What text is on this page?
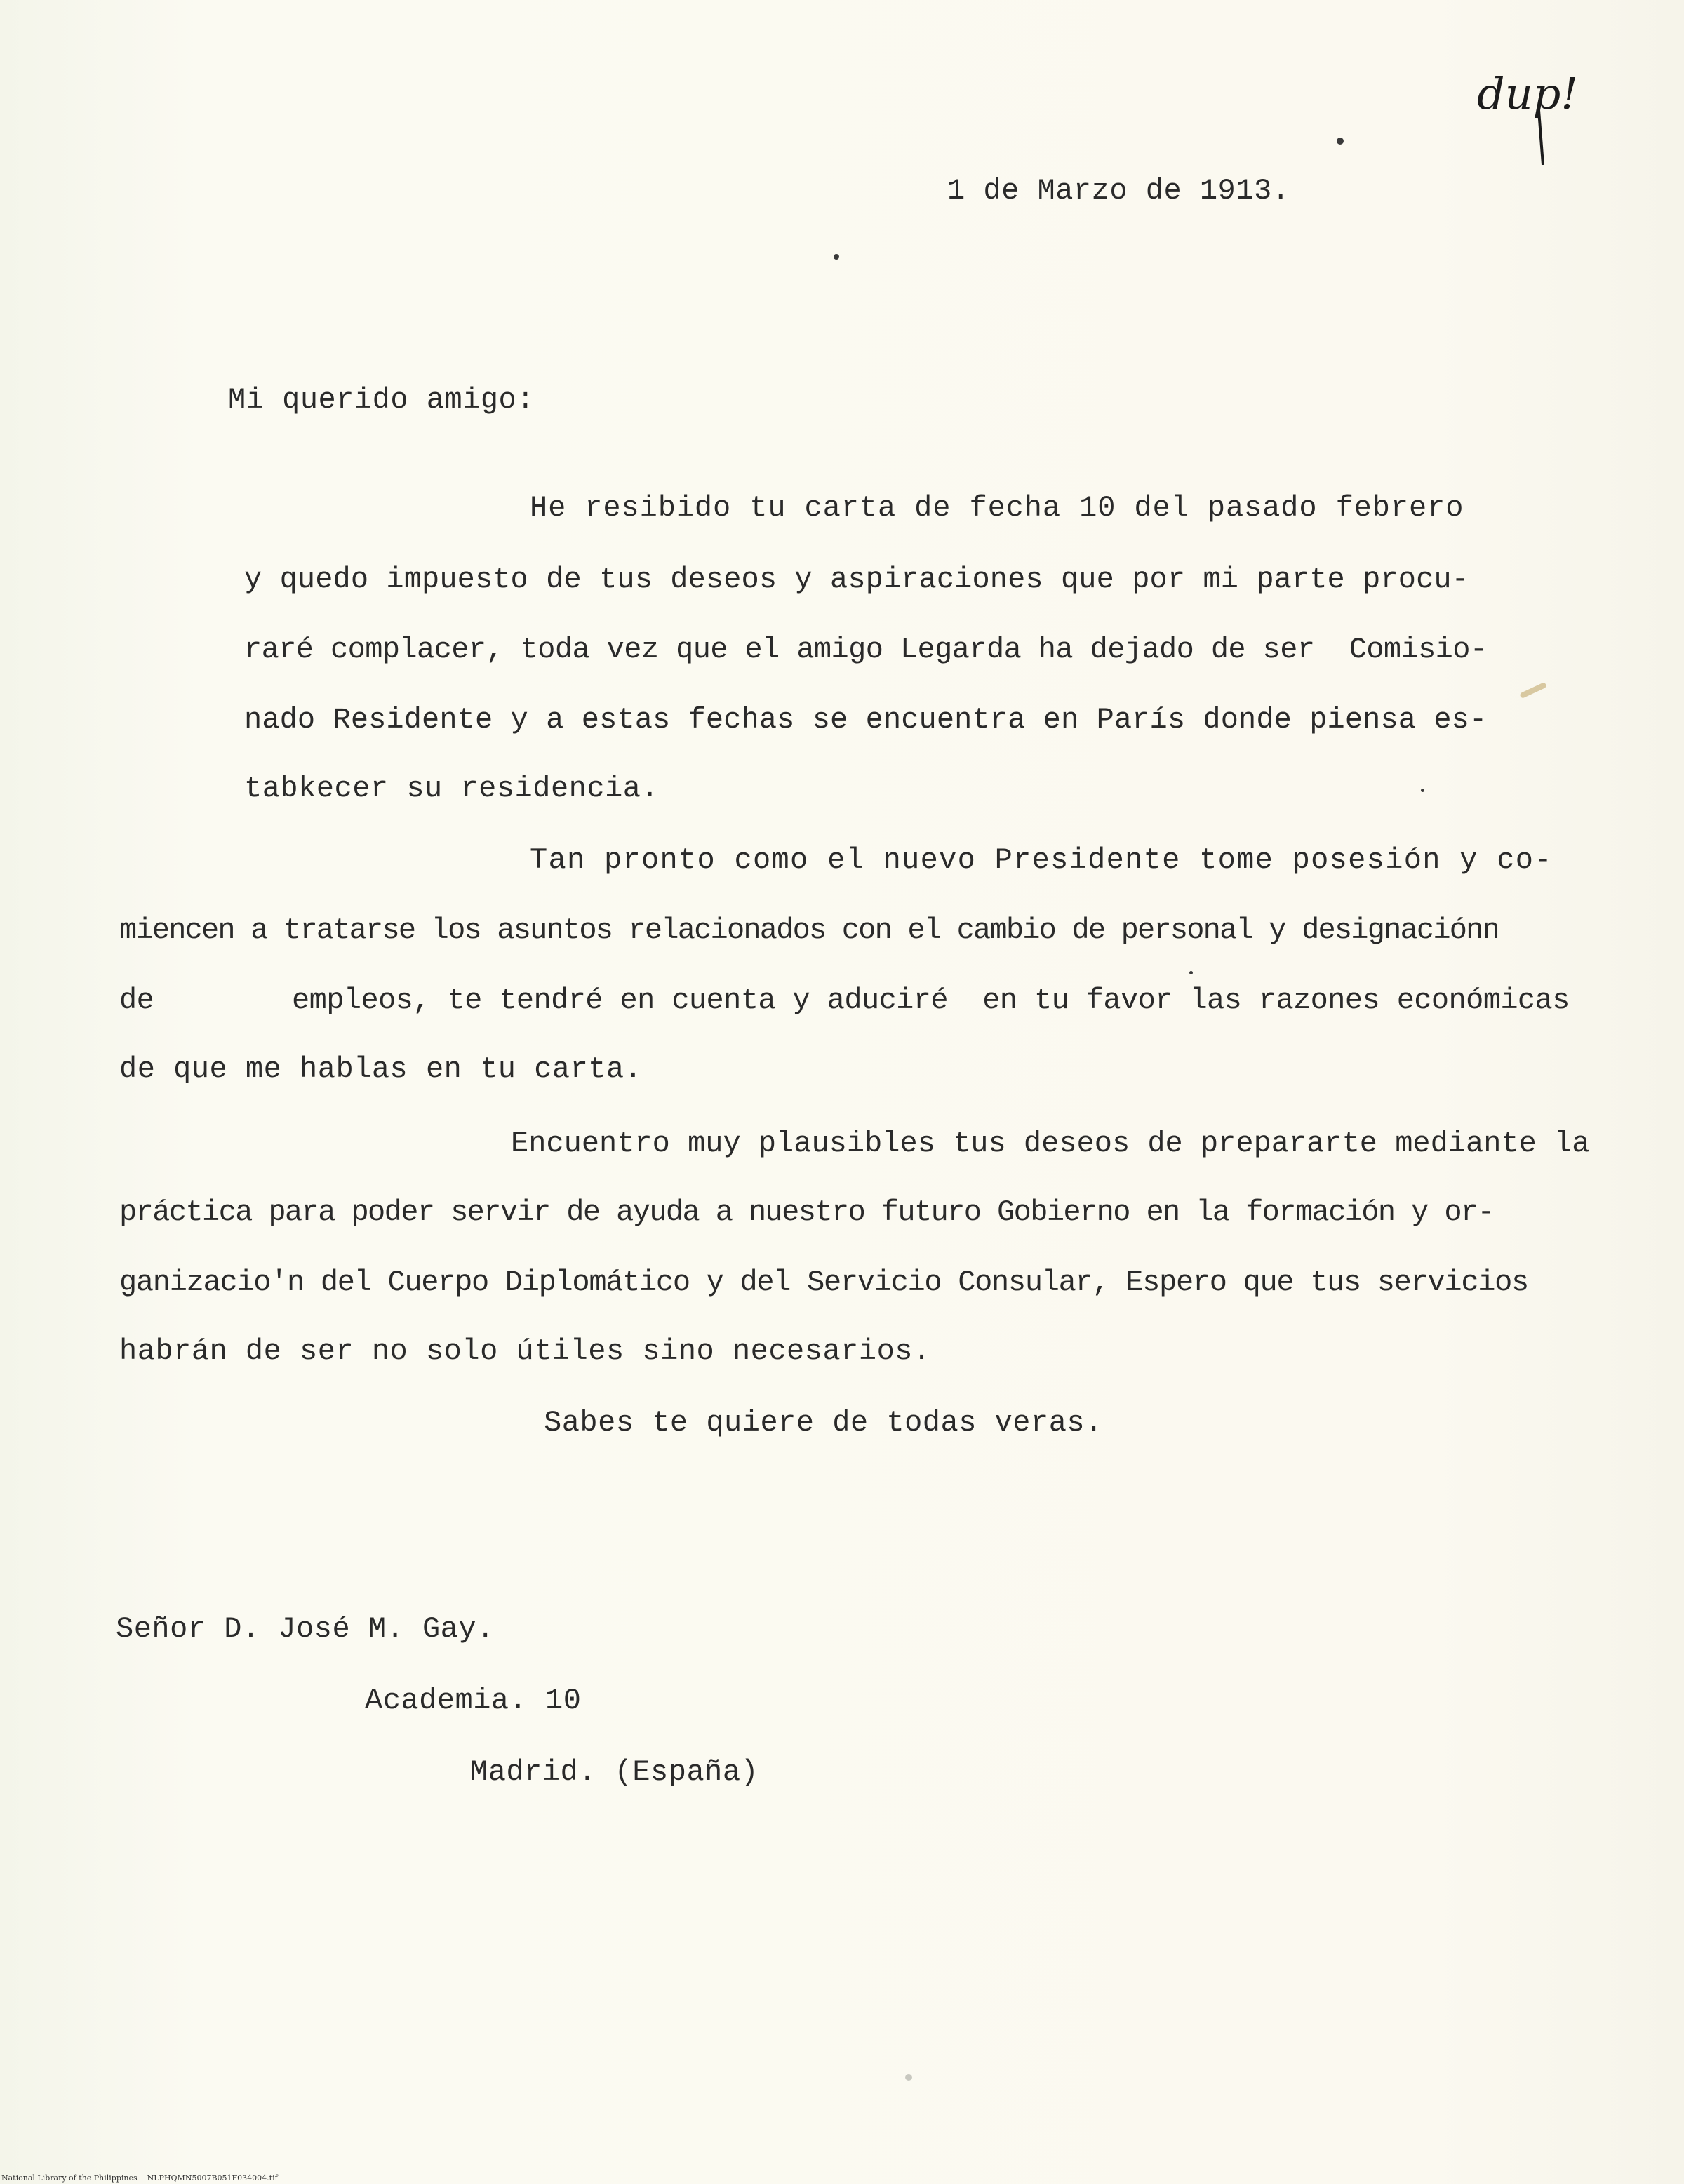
dup!
1 de Marzo de 1913.
Mi querido amigo:
He resibido tu carta de fecha 10 del pasado febrero
y quedo impuesto de tus deseos y aspiraciones que por mi parte procu-
raré complacer, toda vez que el amigo Legarda ha dejado de ser  Comisio-
nado Residente y a estas fechas se encuentra en París donde piensa es-
tabkecer su residencia.
Tan pronto como el nuevo Presidente tome posesión y co-
miencen a tratarse los asuntos relacionados con el cambio de personal y designaciónn
de        empleos, te tendré en cuenta y aduciré  en tu favor las razones económicas
de que me hablas en tu carta.
Encuentro muy plausibles tus deseos de prepararte mediante la
práctica para poder servir de ayuda a nuestro futuro Gobierno en la formación y or-
ganizacio'n del Cuerpo Diplomático y del Servicio Consular, Espero que tus servicios
habrán de ser no solo útiles sino necesarios.
Sabes te quiere de todas veras.
Señor D. José M. Gay.
Academia. 10
Madrid. (España)
National Library of the Philippines    NLPHQMN5007B051F034004.tif
